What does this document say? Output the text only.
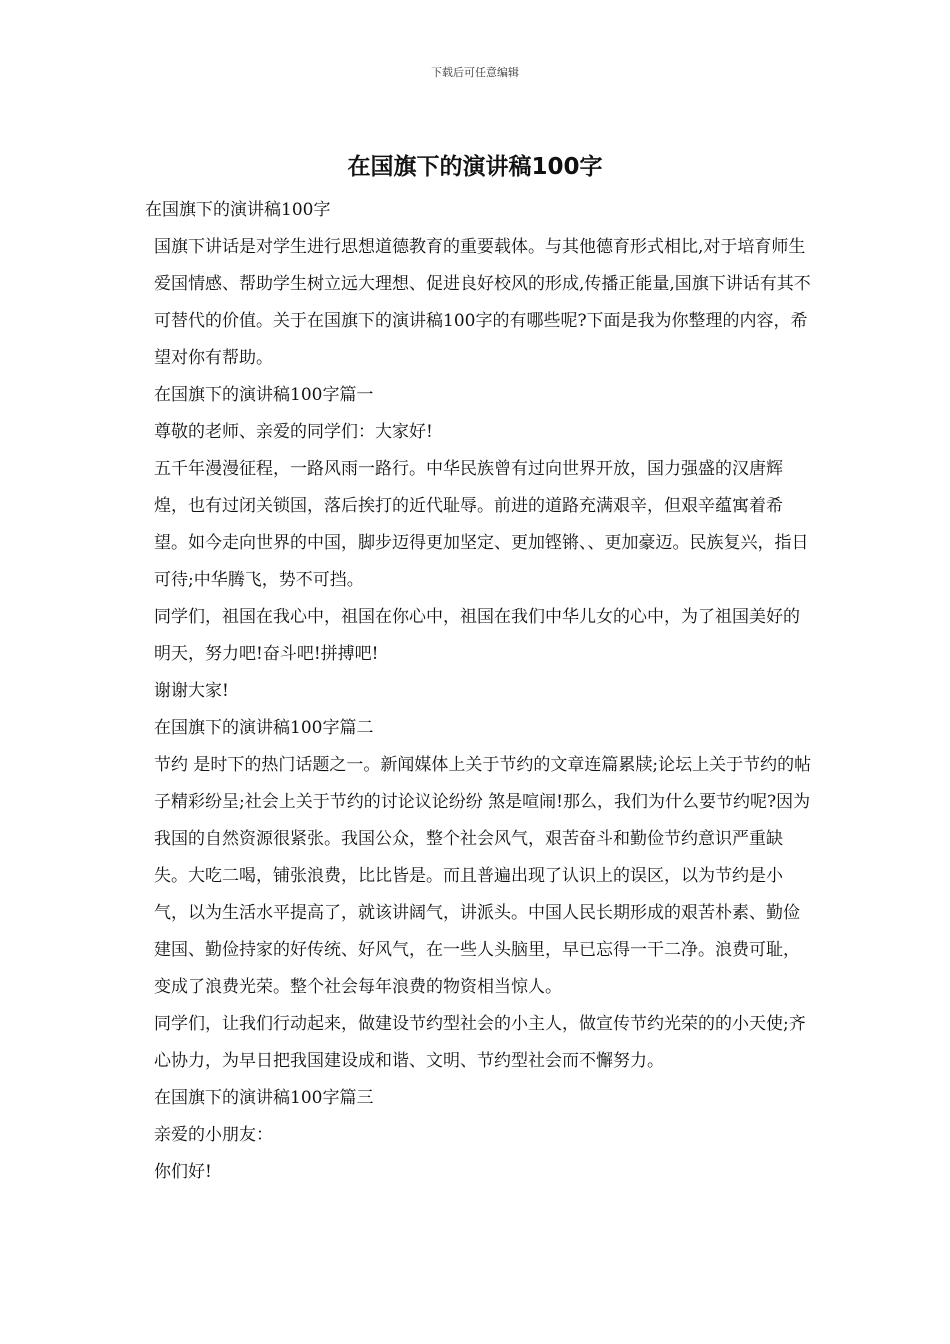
下载后可任意编辑
在国旗下的演讲稿100字

在国旗下的演讲稿100字

国旗下讲话是对学生进行思想道德教育的重要载体。与其他德育形式相比,对于培育师生爱国情感、帮助学生树立远大理想、促进良好校风的形成,传播正能量,国旗下讲话有其不可替代的价值。关于在国旗下的演讲稿100字的有哪些呢?下面是我为你整理的内容，希望对你有帮助。

在国旗下的演讲稿100字篇一

尊敬的老师、亲爱的同学们：大家好!

五千年漫漫征程，一路风雨一路行。中华民族曾有过向世界开放，国力强盛的汉唐辉煌，也有过闭关锁国，落后挨打的近代耻辱。前进的道路充满艰辛，但艰辛蕴寓着希望。如今走向世界的中国，脚步迈得更加坚定、更加铿锵、、更加豪迈。民族复兴，指日可待;中华腾飞，势不可挡。

同学们，祖国在我心中，祖国在你心中，祖国在我们中华儿女的心中，为了祖国美好的明天，努力吧!奋斗吧!拼搏吧!

谢谢大家!

在国旗下的演讲稿100字篇二

节约 是时下的热门话题之一。新闻媒体上关于节约的文章连篇累牍;论坛上关于节约的帖子精彩纷呈;社会上关于节约的讨论议论纷纷 煞是喧闹!那么，我们为什么要节约呢?因为我国的自然资源很紧张。我国公众，整个社会风气，艰苦奋斗和勤俭节约意识严重缺失。大吃二喝，铺张浪费，比比皆是。而且普遍出现了认识上的误区，以为节约是小气，以为生活水平提高了，就该讲阔气，讲派头。中国人民长期形成的艰苦朴素、勤俭建国、勤俭持家的好传统、好风气，在一些人头脑里，早已忘得一干二净。浪费可耻，变成了浪费光荣。整个社会每年浪费的物资相当惊人。

同学们，让我们行动起来，做建设节约型社会的小主人，做宣传节约光荣的的小天使;齐心协力，为早日把我国建设成和谐、文明、节约型社会而不懈努力。

在国旗下的演讲稿100字篇三

亲爱的小朋友：

你们好!
